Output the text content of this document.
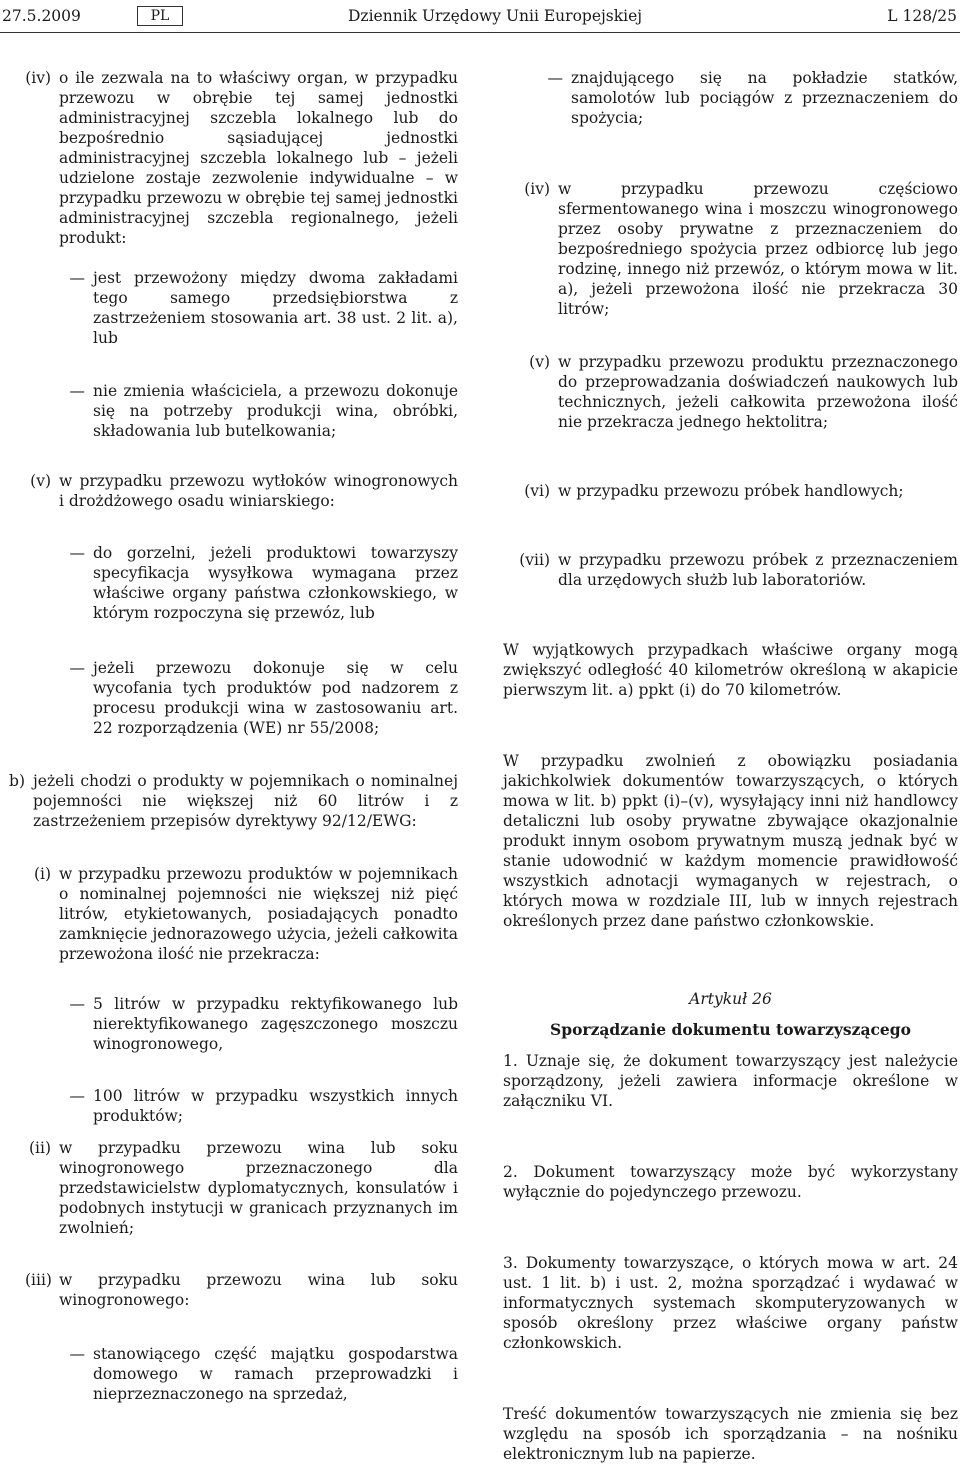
27.5.2009	PL	Dziennik Urzędowy Unii Europejskiej	L 128/25
(iv) o ile zezwala na to właściwy organ, w przypadku przewozu w obrębie tej samej jednostki administracyjnej szczebla lokalnego lub do bezpośrednio sąsiadującej jednostki administracyjnej szczebla lokalnego lub – jeżeli udzielone zostaje zezwolenie indywidualne – w przypadku przewozu w obrębie tej samej jednostki administracyjnej szczebla regionalnego, jeżeli produkt:
— jest przewożony między dwoma zakładami tego samego przedsiębiorstwa z zastrzeżeniem stosowania art. 38 ust. 2 lit. a), lub
— nie zmienia właściciela, a przewozu dokonuje się na potrzeby produkcji wina, obróbki, składowania lub butelkowania;
(v) w przypadku przewozu wytłoków winogronowych i drożdżowego osadu winiarskiego:
— do gorzelni, jeżeli produktowi towarzyszy specyfikacja wysyłkowa wymagana przez właściwe organy państwa członkowskiego, w którym rozpoczyna się przewóz, lub
— jeżeli przewozu dokonuje się w celu wycofania tych produktów pod nadzorem z procesu produkcji wina w zastosowaniu art. 22 rozporządzenia (WE) nr 55/2008;
b) jeżeli chodzi o produkty w pojemnikach o nominalnej pojemności nie większej niż 60 litrów i z zastrzeżeniem przepisów dyrektywy 92/12/EWG:
(i) w przypadku przewozu produktów w pojemnikach o nominalnej pojemności nie większej niż pięć litrów, etykietowanych, posiadających ponadto zamknięcie jednorazowego użycia, jeżeli całkowita przewożona ilość nie przekracza:
— 5 litrów w przypadku rektyfikowanego lub nierektyfikowanego zagęszczonego moszczu winogronowego,
— 100 litrów w przypadku wszystkich innych produktów;
(ii) w przypadku przewozu wina lub soku winogronowego przeznaczonego dla przedstawicielstw dyplomatycznych, konsulatów i podobnych instytucji w granicach przyznanych im zwolnień;
(iii) w przypadku przewozu wina lub soku winogronowego:
— stanowiącego część majątku gospodarstwa domowego w ramach przeprowadzki i nieprzeznaczonego na sprzedaż,
— znajdującego się na pokładzie statków, samolotów lub pociągów z przeznaczeniem do spożycia;
(iv) w przypadku przewozu częściowo sfermentowanego wina i moszczu winogronowego przez osoby prywatne z przeznaczeniem do bezpośredniego spożycia przez odbiorcę lub jego rodzinę, innego niż przewóz, o którym mowa w lit. a), jeżeli przewożona ilość nie przekracza 30 litrów;
(v) w przypadku przewozu produktu przeznaczonego do przeprowadzania doświadczeń naukowych lub technicznych, jeżeli całkowita przewożona ilość nie przekracza jednego hektolitra;
(vi) w przypadku przewozu próbek handlowych;
(vii) w przypadku przewozu próbek z przeznaczeniem dla urzędowych służb lub laboratoriów.

W wyjątkowych przypadkach właściwe organy mogą zwiększyć odległość 40 kilometrów określoną w akapicie pierwszym lit. a) ppkt (i) do 70 kilometrów.

W przypadku zwolnień z obowiązku posiadania jakichkolwiek dokumentów towarzyszących, o których mowa w lit. b) ppkt (i)–(v), wysyłający inni niż handlowcy detaliczni lub osoby prywatne zbywające okazjonalnie produkt innym osobom prywatnym muszą jednak być w stanie udowodnić w każdym momencie prawidłowość wszystkich adnotacji wymaganych w rejestrach, o których mowa w rozdziale III, lub w innych rejestrach określonych przez dane państwo członkowskie.

Artykuł 26

Sporządzanie dokumentu towarzyszącego

1. Uznaje się, że dokument towarzyszący jest należycie sporządzony, jeżeli zawiera informacje określone w załączniku VI.

2. Dokument towarzyszący może być wykorzystany wyłącznie do pojedynczego przewozu.

3. Dokumenty towarzyszące, o których mowa w art. 24 ust. 1 lit. b) i ust. 2, można sporządzać i wydawać w informatycznych systemach skomputeryzowanych w sposób określony przez właściwe organy państw członkowskich.

Treść dokumentów towarzyszących nie zmienia się bez względu na sposób ich sporządzania – na nośniku elektronicznym lub na papierze.
